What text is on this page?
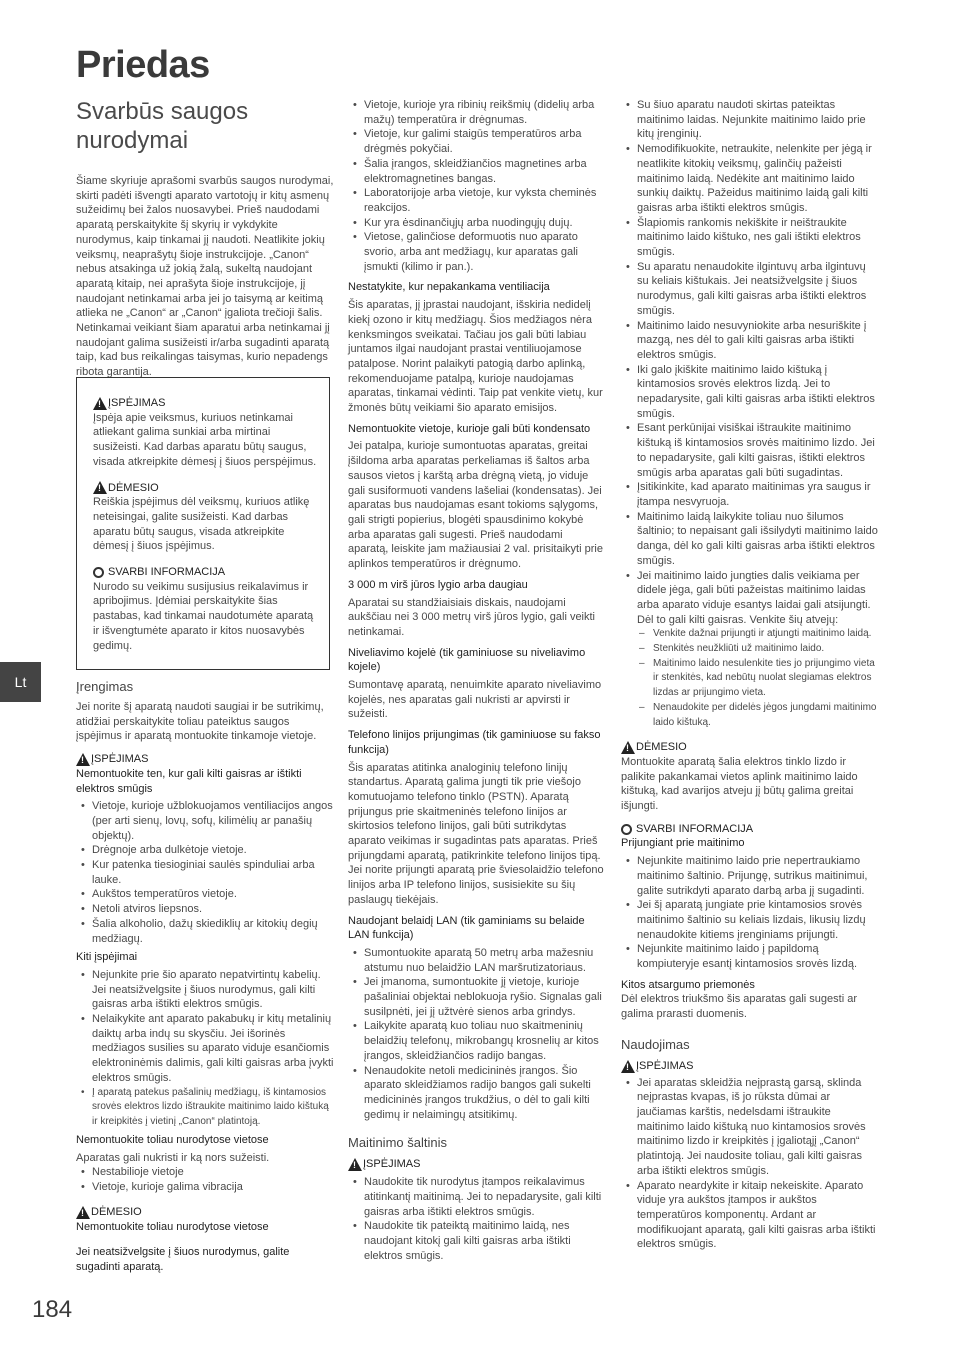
Priedas
Svarbūs saugos nurodymai

Šiame skyriuje aprašomi svarbūs saugos nurodymai, skirti padėti išvengti aparato vartotojų ir kitų asmenų sužeidimų bei žalos nuosavybei. Prieš naudodami aparatą perskaitykite šį skyrių ir vykdykite nurodymus, kaip tinkamai jį naudoti. Neatlikite jokių veiksmų, neaprašytų šioje instrukcijoje. „Canon“ nebus atsakinga už jokią žalą, sukeltą naudojant aparatą kitaip, nei aprašyta šioje instrukcijoje, jį naudojant netinkamai arba jei jo taisymą ar keitimą atlieka ne „Canon“ ar „Canon“ įgaliota trečioji šalis. Netinkamai veikiant šiam aparatui arba netinkamai jį naudojant galima susižeisti ir/arba sugadinti aparatą taip, kad bus reikalingas taisymas, kurio nepadengs ribota garantija.

!
ĮSPĖJIMAS

Įspėja apie veiksmus, kuriuos netinkamai atliekant galima sunkiai arba mirtinai susižeisti. Kad darbas aparatu būtų saugus, visada atkreipkite dėmesį į šiuos perspėjimus.

!
DĖMESIO

Reiškia įspėjimus dėl veiksmų, kuriuos atlikę neteisingai, galite susižeisti. Kad darbas aparatu būtų saugus, visada atkreipkite dėmesį į šiuos įspėjimus.

SVARBI INFORMACIJA

Nurodo su veikimu susijusius reikalavimus ir apribojimus. Įdėmiai perskaitykite šias pastabas, kad tinkamai naudotumėte aparatą ir išvengtumėte aparato ir kitos nuosavybės gedimų.

Įrengimas

Jei norite šį aparatą naudoti saugiai ir be sutrikimų, atidžiai perskaitykite toliau pateiktus saugos įspėjimus ir aparatą montuokite tinkamoje vietoje.

!
ĮSPĖJIMAS

Nemontuokite ten, kur gali kilti gaisras ar ištikti elektros smūgis

• Vietoje, kurioje užblokuojamos ventiliacijos angos (per arti sienų, lovų, sofų, kilimėlių ar panašių objektų).
• Drėgnoje arba dulkėtoje vietoje.
• Kur patenka tiesioginiai saulės spinduliai arba lauke.
• Aukštos temperatūros vietoje.
• Netoli atviros liepsnos.
• Šalia alkoholio, dažų skiediklių ar kitokių degių medžiagų.

Kiti įspėjimai

• Nejunkite prie šio aparato nepatvirtintų kabelių. Jei neatsižvelgsite į šiuos nurodymus, gali kilti gaisras arba ištikti elektros smūgis.
• Nelaikykite ant aparato pakabukų ir kitų metalinių daiktų arba indų su skysčiu. Jei išorinės medžiagos susilies su aparato viduje esančiomis elektroninėmis dalimis, gali kilti gaisras arba įvykti elektros smūgis.
• Į aparatą patekus pašalinių medžiagų, iš kintamosios srovės elektros lizdo ištraukite maitinimo laido kištuką ir kreipkitės į vietinį „Canon“ platintoją.

Nemontuokite toliau nurodytose vietose

Aparatas gali nukristi ir ką nors sužeisti.

• Nestabilioje vietoje
• Vietoje, kurioje galima vibracija
!
DĖMESIO

Nemontuokite toliau nurodytose vietose

Jei neatsižvelgsite į šiuos nurodymus, galite sugadinti aparatą.

• Vietoje, kurioje yra ribinių reikšmių (didelių arba mažų) temperatūra ir drėgnumas.
• Vietoje, kur galimi staigūs temperatūros arba drėgmės pokyčiai.
• Šalia įrangos, skleidžiančios magnetines arba elektromagnetines bangas.
• Laboratorijoje arba vietoje, kur vyksta cheminės reakcijos.
• Kur yra ėsdinančiųjų arba nuodingųjų dujų.
• Vietose, galinčiose deformuotis nuo aparato svorio, arba ant medžiagų, kur aparatas gali įsmukti (kilimo ir pan.).

Nestatykite, kur nepakankama ventiliacija

Šis aparatas, jį įprastai naudojant, išskiria nedidelį kiekį ozono ir kitų medžiagų. Šios medžiagos nėra kenksmingos sveikatai. Tačiau jos gali būti labiau juntamos ilgai naudojant prastai ventiliuojamose patalpose. Norint palaikyti patogią darbo aplinką, rekomenduojame patalpą, kurioje naudojamas aparatas, tinkamai vėdinti. Taip pat venkite vietų, kur žmonės būtų veikiami šio aparato emisijos.

Nemontuokite vietoje, kurioje gali būti kondensato

Jei patalpa, kurioje sumontuotas aparatas, greitai įšildoma arba aparatas perkeliamas iš šaltos arba sausos vietos į karštą arba drėgną vietą, jo viduje gali susiformuoti vandens lašeliai (kondensatas). Jei aparatas bus naudojamas esant tokioms sąlygoms, gali strigti popierius, blogėti spausdinimo kokybė arba aparatas gali sugesti. Prieš naudodami aparatą, leiskite jam mažiausiai 2 val. prisitaikyti prie aplinkos temperatūros ir drėgnumo.

3 000 m virš jūros lygio arba daugiau

Aparatai su standžiaisiais diskais, naudojami aukščiau nei 3 000 metrų virš jūros lygio, gali veikti netinkamai.

Niveliavimo kojelė (tik gaminiuose su niveliavimo kojele)

Sumontavę aparatą, nenuimkite aparato niveliavimo kojelės, nes aparatas gali nukristi ar apvirsti ir sužeisti.

Telefono linijos prijungimas (tik gaminiuose su fakso funkcija)

Šis aparatas atitinka analoginių telefono linijų standartus. Aparatą galima jungti tik prie viešojo komutuojamo telefono tinklo (PSTN). Aparatą prijungus prie skaitmeninės telefono linijos ar skirtosios telefono linijos, gali būti sutrikdytas aparato veikimas ir sugadintas pats aparatas. Prieš prijungdami aparatą, patikrinkite telefono linijos tipą. Jei norite prijungti aparatą prie šviesolaidžio telefono linijos arba IP telefono linijos, susisiekite su šių paslaugų tiekėjais.

Naudojant belaidį LAN (tik gaminiams su belaide LAN funkcija)

• Sumontuokite aparatą 50 metrų arba mažesniu atstumu nuo belaidžio LAN maršrutizatoriaus.
• Jei įmanoma, sumontuokite jį vietoje, kurioje pašaliniai objektai neblokuoja ryšio. Signalas gali susilpnėti, jei jį užtvėrė sienos arba grindys.
• Laikykite aparatą kuo toliau nuo skaitmeninių belaidžių telefonų, mikrobangų krosnelių ar kitos įrangos, skleidžiančios radijo bangas.
• Nenaudokite netoli medicininės įrangos. Šio aparato skleidžiamos radijo bangos gali sukelti medicininės įrangos trukdžius, o dėl to gali kilti gedimų ir nelaimingų atsitikimų.

Maitinimo šaltinis

!
ĮSPĖJIMAS
• Naudokite tik nurodytus įtampos reikalavimus atitinkantį maitinimą. Jei to nepadarysite, gali kilti gaisras arba ištikti elektros smūgis.
• Naudokite tik pateiktą maitinimo laidą, nes naudojant kitokį gali kilti gaisras arba ištikti elektros smūgis.
• Su šiuo aparatu naudoti skirtas pateiktas maitinimo laidas. Nejunkite maitinimo laido prie kitų įrenginių.
• Nemodifikuokite, netraukite, nelenkite per jėgą ir neatlikite kitokių veiksmų, galinčių pažeisti maitinimo laidą. Nedėkite ant maitinimo laido sunkių daiktų. Pažeidus maitinimo laidą gali kilti gaisras arba ištikti elektros smūgis.
• Šlapiomis rankomis nekiškite ir neištraukite maitinimo laido kištuko, nes gali ištikti elektros smūgis.
• Su aparatu nenaudokite ilgintuvų arba ilgintuvų su keliais kištukais. Jei neatsižvelgsite į šiuos nurodymus, gali kilti gaisras arba ištikti elektros smūgis.
• Maitinimo laido nesuvyniokite arba nesuriškite į mazgą, nes dėl to gali kilti gaisras arba ištikti elektros smūgis.
• Iki galo įkiškite maitinimo laido kištuką į kintamosios srovės elektros lizdą. Jei to nepadarysite, gali kilti gaisras arba ištikti elektros smūgis.
• Esant perkūnijai visiškai ištraukite maitinimo kištuką iš kintamosios srovės maitinimo lizdo. Jei to nepadarysite, gali kilti gaisras, ištikti elektros smūgis arba aparatas gali būti sugadintas.
• Įsitikinkite, kad aparato maitinimas yra saugus ir įtampa nesvyruoja.
• Maitinimo laidą laikykite toliau nuo šilumos šaltinio; to nepaisant gali išsilydyti maitinimo laido danga, dėl ko gali kilti gaisras arba ištikti elektros smūgis.
• Jei maitinimo laido jungties dalis veikiama per didele jėga, gali būti pažeistas maitinimo laidas arba aparato viduje esantys laidai gali atsijungti. Dėl to gali kilti gaisras. Venkite šių atvejų:
– Venkite dažnai prijungti ir atjungti maitinimo laidą.
– Stenkitės neužkliūti už maitinimo laido.
– Maitinimo laido nesulenkite ties jo prijungimo vieta ir stenkitės, kad nebūtų nuolat slegiamas elektros lizdas ar prijungimo vieta.
– Nenaudokite per didelės jėgos jungdami maitinimo laido kištuką.
!
DĖMESIO

Montuokite aparatą šalia elektros tinklo lizdo ir palikite pakankamai vietos aplink maitinimo laido kištuką, kad avarijos atveju jį būtų galima greitai išjungti.

SVARBI INFORMACIJA

Prijungiant prie maitinimo

• Nejunkite maitinimo laido prie nepertraukiamo maitinimo šaltinio. Prijungę, sutrikus maitinimui, galite sutrikdyti aparato darbą arba jį sugadinti.
• Jei šį aparatą jungiate prie kintamosios srovės maitinimo šaltinio su keliais lizdais, likusių lizdų nenaudokite kitiems įrenginiams prijungti.
• Nejunkite maitinimo laido į papildomą kompiuteryje esantį kintamosios srovės lizdą.

Kitos atsargumo priemonės

Dėl elektros triukšmo šis aparatas gali sugesti ar galima prarasti duomenis.

Naudojimas

!
ĮSPĖJIMAS
• Jei aparatas skleidžia neįprastą garsą, sklinda neįprastas kvapas, iš jo rūksta dūmai ar jaučiamas karštis, nedelsdami ištraukite maitinimo laido kištuką nuo kintamosios srovės maitinimo lizdo ir kreipkitės į įgaliotąjį „Canon“ platintoją. Jei naudosite toliau, gali kilti gaisras arba ištikti elektros smūgis.
• Aparato neardykite ir kitaip nekeiskite. Aparato viduje yra aukštos įtampos ir aukštos temperatūros komponentų. Ardant ar modifikuojant aparatą, gali kilti gaisras arba ištikti elektros smūgis.
Lt
184
